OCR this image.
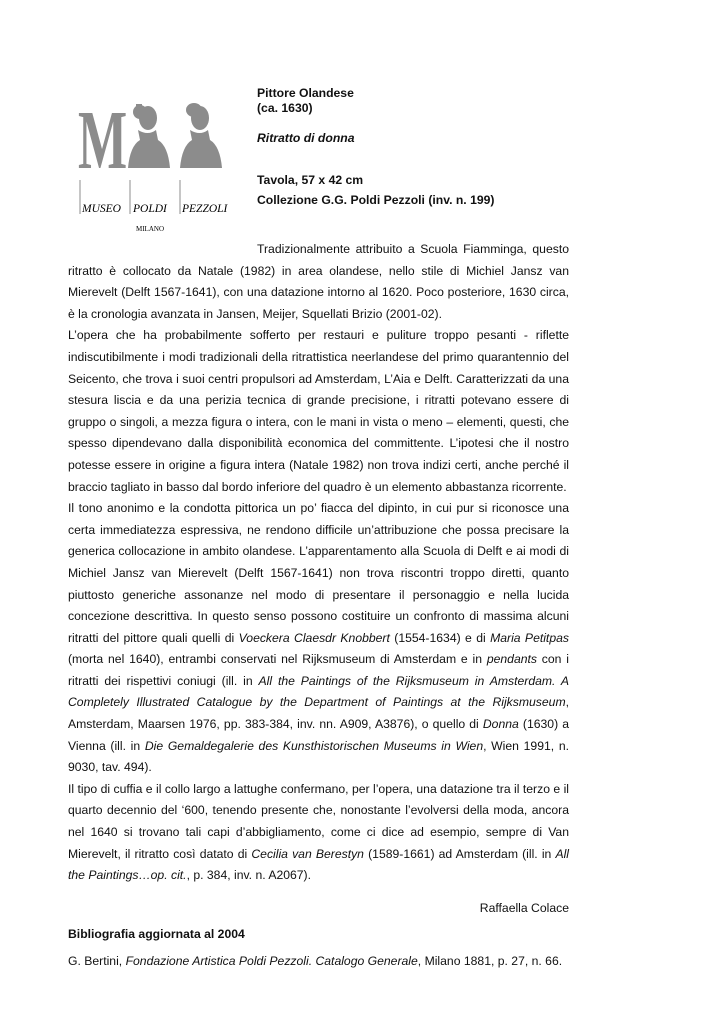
M
MUSEO POLDI PEZZOLI
MILANO

Pittore Olandese

(ca. 1630)

Ritratto di donna

Tavola, 57 x 42 cm

Collezione G.G. Poldi Pezzoli (inv. n. 199)

Tradizionalmente attribuito a Scuola Fiamminga, questo ritratto è collocato da Natale (1982) in area olandese, nello stile di Michiel Jansz van Mierevelt (Delft 1567-1641), con una datazione intorno al 1620. Poco posteriore, 1630 circa, è la cronologia avanzata in Jansen, Meijer, Squellati Brizio (2001-02).

L’opera che ha probabilmente sofferto per restauri e puliture troppo pesanti - riflette indiscutibilmente i modi tradizionali della ritrattistica neerlandese del primo quarantennio del Seicento, che trova i suoi centri propulsori ad Amsterdam, L’Aia e Delft. Caratterizzati da una stesura liscia e da una perizia tecnica di grande precisione, i ritratti potevano essere di gruppo o singoli, a mezza figura o intera, con le mani in vista o meno – elementi, questi, che spesso dipendevano dalla disponibilità economica del committente. L’ipotesi che il nostro potesse essere in origine a figura intera (Natale 1982) non trova indizi certi, anche perché il braccio tagliato in basso dal bordo inferiore del quadro è un elemento abbastanza ricorrente.

Il tono anonimo e la condotta pittorica un po’ fiacca del dipinto, in cui pur si riconosce una certa immediatezza espressiva, ne rendono difficile un’attribuzione che possa precisare la generica collocazione in ambito olandese. L’apparentamento alla Scuola di Delft e ai modi di Michiel Jansz van Mierevelt (Delft 1567-1641) non trova riscontri troppo diretti, quanto piuttosto generiche assonanze nel modo di presentare il personaggio e nella lucida concezione descrittiva. In questo senso possono costituire un confronto di massima alcuni ritratti del pittore quali quelli di Voeckera Claesdr Knobbert (1554-1634) e di Maria Petitpas (morta nel 1640), entrambi conservati nel Rijksmuseum di Amsterdam e in pendants con i ritratti dei rispettivi coniugi (ill. in All the Paintings of the Rijksmuseum in Amsterdam. A Completely Illustrated Catalogue by the Department of Paintings at the Rijksmuseum, Amsterdam, Maarsen 1976, pp. 383-384, inv. nn. A909, A3876), o quello di Donna (1630) a Vienna (ill. in Die Gemaldegalerie des Kunsthistorischen Museums in Wien, Wien 1991, n. 9030, tav. 494).

Il tipo di cuffia e il collo largo a lattughe confermano, per l’opera, una datazione tra il terzo e il quarto decennio del ‘600, tenendo presente che, nonostante l’evolversi della moda, ancora nel 1640 si trovano tali capi d’abbigliamento, come ci dice ad esempio, sempre di Van Mierevelt, il ritratto così datato di Cecilia van Berestyn (1589-1661) ad Amsterdam (ill. in All the Paintings…op. cit., p. 384, inv. n. A2067).

Raffaella Colace

Bibliografia aggiornata al 2004

G. Bertini, Fondazione Artistica Poldi Pezzoli. Catalogo Generale, Milano 1881, p. 27, n. 66.
